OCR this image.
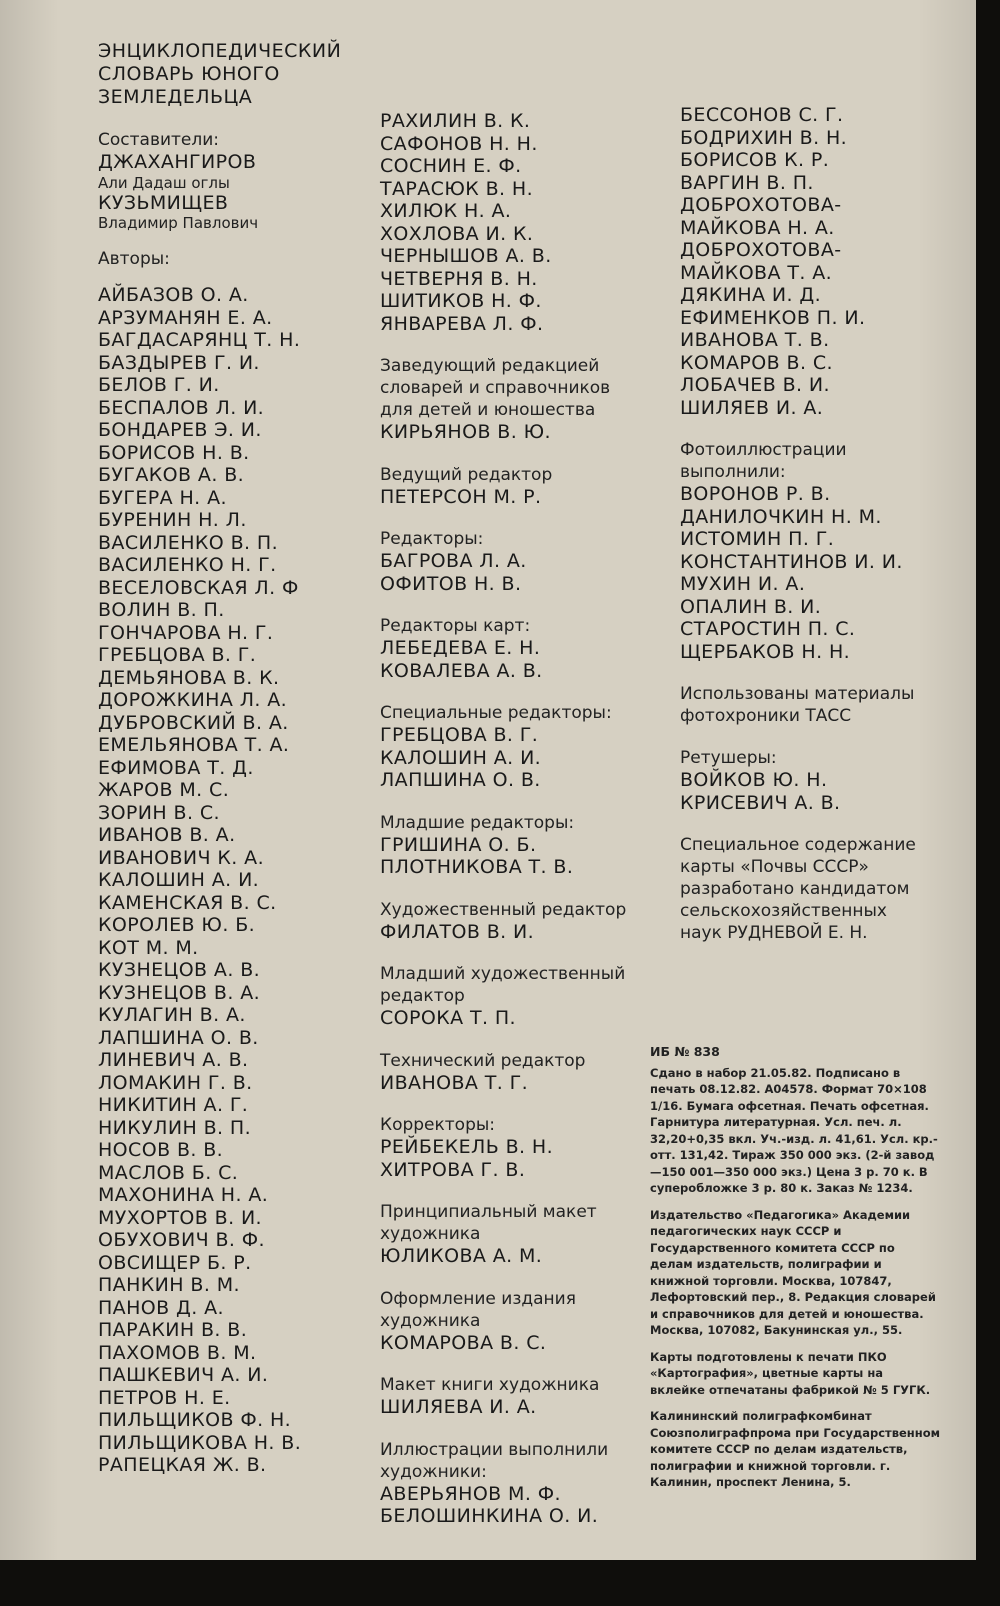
ЭНЦИКЛОПЕДИЧЕСКИЙ
СЛОВАРЬ ЮНОГО
ЗЕМЛЕДЕЛЬЦА
Составители:
ДЖАХАНГИРОВ
Али Дадаш оглы
КУЗЬМИЩЕВ
Владимир Павлович
Авторы:
АЙБАЗОВ О. А.
АРЗУМАНЯН Е. А.
БАГДАСАРЯНЦ Т. Н.
БАЗДЫРЕВ Г. И.
БЕЛОВ Г. И.
БЕСПАЛОВ Л. И.
БОНДАРЕВ Э. И.
БОРИСОВ Н. В.
БУГАКОВ А. В.
БУГЕРА Н. А.
БУРЕНИН Н. Л.
ВАСИЛЕНКО В. П.
ВАСИЛЕНКО Н. Г.
ВЕСЕЛОВСКАЯ Л. Ф
ВОЛИН В. П.
ГОНЧАРОВА Н. Г.
ГРЕБЦОВА В. Г.
ДЕМЬЯНОВА В. К.
ДОРОЖКИНА Л. А.
ДУБРОВСКИЙ В. А.
ЕМЕЛЬЯНОВА Т. А.
ЕФИМОВА Т. Д.
ЖАРОВ М. С.
ЗОРИН В. С.
ИВАНОВ В. А.
ИВАНОВИЧ К. А.
КАЛОШИН А. И.
КАМЕНСКАЯ В. С.
КОРОЛЕВ Ю. Б.
КОТ М. М.
КУЗНЕЦОВ А. В.
КУЗНЕЦОВ В. А.
КУЛАГИН В. А.
ЛАПШИНА О. В.
ЛИНЕВИЧ А. В.
ЛОМАКИН Г. В.
НИКИТИН А. Г.
НИКУЛИН В. П.
НОСОВ В. В.
МАСЛОВ Б. С.
МАХОНИНА Н. А.
МУХОРТОВ В. И.
ОБУХОВИЧ В. Ф.
ОВСИЩЕР Б. Р.
ПАНКИН В. М.
ПАНОВ Д. А.
ПАРАКИН В. В.
ПАХОМОВ В. М.
ПАШКЕВИЧ А. И.
ПЕТРОВ Н. Е.
ПИЛЬЩИКОВ Ф. Н.
ПИЛЬЩИКОВА Н. В.
РАПЕЦКАЯ Ж. В.
РАХИЛИН В. К.
САФОНОВ Н. Н.
СОСНИН Е. Ф.
ТАРАСЮК В. Н.
ХИЛЮК Н. А.
ХОХЛОВА И. К.
ЧЕРНЫШОВ А. В.
ЧЕТВЕРНЯ В. Н.
ШИТИКОВ Н. Ф.
ЯНВАРЕВА Л. Ф.
Заведующий редакцией
словарей и справочников
для детей и юношества
КИРЬЯНОВ В. Ю.
Ведущий редактор
ПЕТЕРСОН М. Р.
Редакторы:
БАГРОВА Л. А.
ОФИТОВ Н. В.
Редакторы карт:
ЛЕБЕДЕВА Е. Н.
КОВАЛЕВА А. В.
Специальные редакторы:
ГРЕБЦОВА В. Г.
КАЛОШИН А. И.
ЛАПШИНА О. В.
Младшие редакторы:
ГРИШИНА О. Б.
ПЛОТНИКОВА Т. В.
Художественный редактор
ФИЛАТОВ В. И.
Младший художественный
редактор
СОРОКА Т. П.
Технический редактор
ИВАНОВА Т. Г.
Корректоры:
РЕЙБЕКЕЛЬ В. Н.
ХИТРОВА Г. В.
Принципиальный макет
художника
ЮЛИКОВА А. М.
Оформление издания
художника
КОМАРОВА В. С.
Макет книги художника
ШИЛЯЕВА И. А.
Иллюстрации выполнили
художники:
АВЕРЬЯНОВ М. Ф.
БЕЛОШИНКИНА О. И.
БЕССОНОВ С. Г.
БОДРИХИН В. Н.
БОРИСОВ К. Р.
ВАРГИН В. П.
ДОБРОХОТОВА-
МАЙКОВА Н. А.
ДОБРОХОТОВА-
МАЙКОВА Т. А.
ДЯКИНА И. Д.
ЕФИМЕНКОВ П. И.
ИВАНОВА Т. В.
КОМАРОВ В. С.
ЛОБАЧЕВ В. И.
ШИЛЯЕВ И. А.
Фотоиллюстрации
выполнили:
ВОРОНОВ Р. В.
ДАНИЛОЧКИН Н. М.
ИСТОМИН П. Г.
КОНСТАНТИНОВ И. И.
МУХИН И. А.
ОПАЛИН В. И.
СТАРОСТИН П. С.
ЩЕРБАКОВ Н. Н.
Использованы материалы
фотохроники ТАСС
Ретушеры:
ВОЙКОВ Ю. Н.
КРИСЕВИЧ А. В.
Специальное содержание
карты «Почвы СССР»
разработано кандидатом
сельскохозяйственных
наук РУДНЕВОЙ Е. Н.

ИБ № 838

Сдано в набор 21.05.82. Подписано в печать 08.12.82. А04578. Формат 70×108 1/16. Бумага офсетная. Печать офсетная. Гарнитура литературная. Усл. печ. л. 32,20+0,35 вкл. Уч.-изд. л. 41,61. Усл. кр.-отт. 131,42. Тираж 350 000 экз. (2-й завод —150 001—350 000 экз.) Цена 3 р. 70 к. В суперобложке 3 р. 80 к. Заказ № 1234.

Издательство «Педагогика» Академии педагогических наук СССР и Государственного комитета СССР по делам издательств, полиграфии и книжной торговли. Москва, 107847, Лефортовский пер., 8. Редакция словарей и справочников для детей и юношества. Москва, 107082, Бакунинская ул., 55.

Карты подготовлены к печати ПКО «Картография», цветные карты на вклейке отпечатаны фабрикой № 5 ГУГК.

Калининский полиграфкомбинат Союзполиграфпрома при Государственном комитете СССР по делам издательств, полиграфии и книжной торговли. г. Калинин, проспект Ленина, 5.
